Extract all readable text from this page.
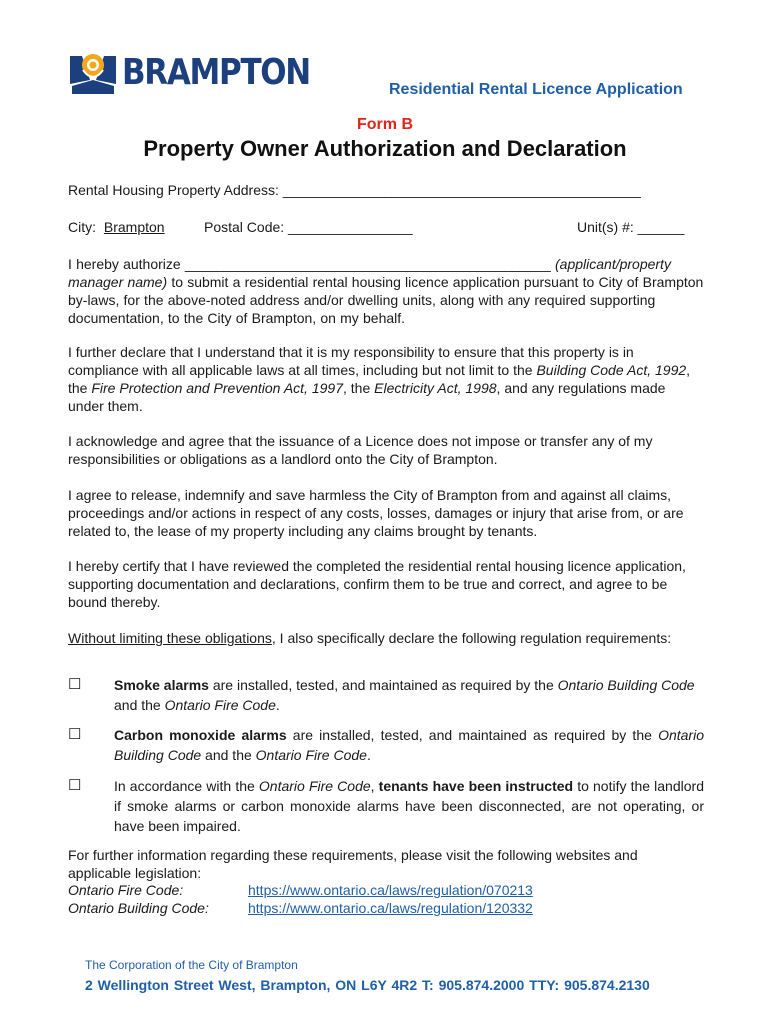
BRAMPTON	Residential Rental Licence Application
Form B
Property Owner Authorization and Declaration
Rental Housing Property Address: ______________________________________________
City: Brampton	Postal Code: ________________	Unit(s) #: ______

I hereby authorize _______________________________________________ (applicant/property manager name) to submit a residential rental housing licence application pursuant to City of Brampton by-laws, for the above-noted address and/or dwelling units, along with any required supporting documentation, to the City of Brampton, on my behalf.

I further declare that I understand that it is my responsibility to ensure that this property is in compliance with all applicable laws at all times, including but not limit to the Building Code Act, 1992, the Fire Protection and Prevention Act, 1997, the Electricity Act, 1998, and any regulations made under them.

I acknowledge and agree that the issuance of a Licence does not impose or transfer any of my responsibilities or obligations as a landlord onto the City of Brampton.

I agree to release, indemnify and save harmless the City of Brampton from and against all claims, proceedings and/or actions in respect of any costs, losses, damages or injury that arise from, or are related to, the lease of my property including any claims brought by tenants.

I hereby certify that I have reviewed the completed the residential rental housing licence application, supporting documentation and declarations, confirm them to be true and correct, and agree to be bound thereby.

Without limiting these obligations, I also specifically declare the following regulation requirements:

☐ Smoke alarms are installed, tested, and maintained as required by the Ontario Building Code and the Ontario Fire Code.

☐ Carbon monoxide alarms are installed, tested, and maintained as required by the Ontario Building Code and the Ontario Fire Code.

☐ In accordance with the Ontario Fire Code, tenants have been instructed to notify the landlord if smoke alarms or carbon monoxide alarms have been disconnected, are not operating, or have been impaired.

For further information regarding these requirements, please visit the following websites and applicable legislation:

Ontario Fire Code:	https://www.ontario.ca/laws/regulation/070213
Ontario Building Code:	https://www.ontario.ca/laws/regulation/120332
The Corporation of the City of Brampton
2 Wellington Street West, Brampton, ON L6Y 4R2 T: 905.874.2000 TTY: 905.874.2130
